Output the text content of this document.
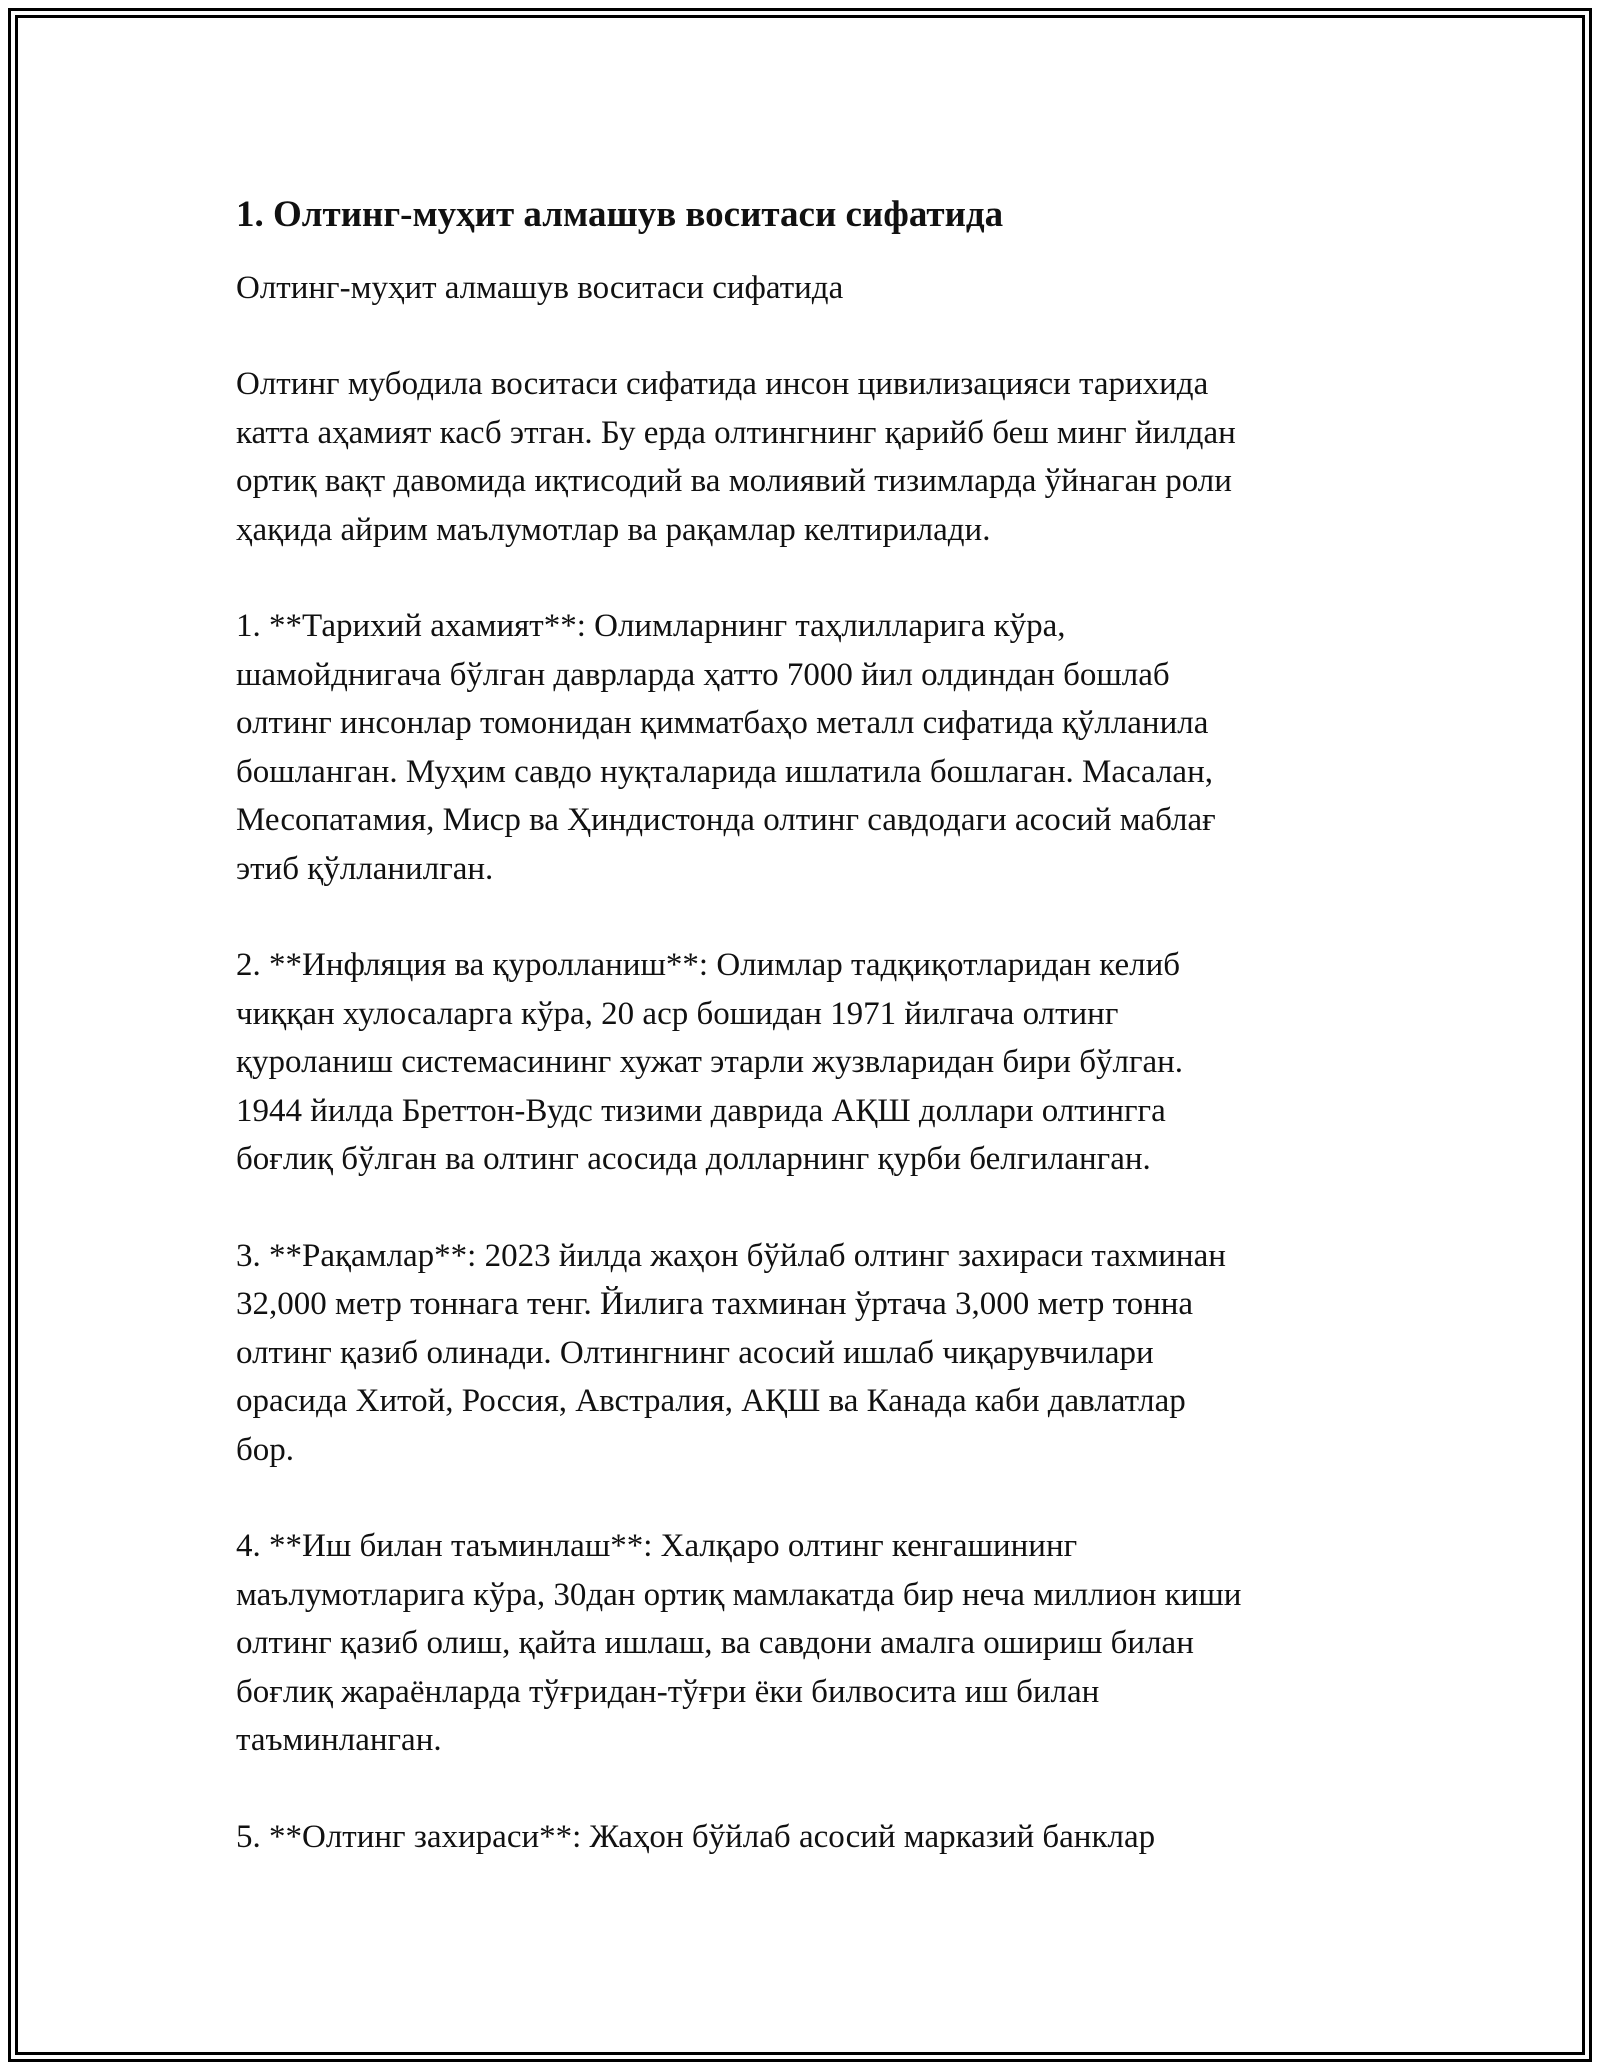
1. Олтинг-муҳит алмашув воситаси сифатида

Олтинг-муҳит алмашув воситаси сифатида

Олтинг мубодила воситаси сифатида инсон цивилизацияси тарихида
катта аҳамият касб этган. Бу ерда олтингнинг қарийб беш минг йилдан
ортиқ вақт давомида иқтисодий ва молиявий тизимларда ўйнаган роли
ҳақида айрим маълумотлар ва рақамлар келтирилади.

1. **Тарихий ахамият**: Олимларнинг таҳлилларига кўра,
шамойднигача бўлган даврларда ҳатто 7000 йил олдиндан бошлаб
олтинг инсонлар томонидан қимматбаҳо металл сифатида қўлланила
бошланган. Муҳим савдо нуқталарида ишлатила бошлаган. Масалан,
Месопатамия, Миср ва Ҳиндистонда олтинг савдодаги асосий маблағ
этиб қўлланилган.

2. **Инфляция ва қуролланиш**: Олимлар тадқиқотларидан келиб
чиққан хулосаларга кўра, 20 аср бошидан 1971 йилгача олтинг
қуроланиш системасининг хужат этарли жузвларидан бири бўлган.
1944 йилда Бреттон-Вудс тизими даврида АҚШ доллари олтингга
боғлиқ бўлган ва олтинг асосида долларнинг қурби белгиланган.

3. **Рақамлар**: 2023 йилда жаҳон бўйлаб олтинг захираси тахминан
32,000 метр тоннага тенг. Йилига тахминан ўртача 3,000 метр тонна
олтинг қазиб олинади. Олтингнинг асосий ишлаб чиқарувчилари
орасида Хитой, Россия, Австралия, АҚШ ва Канада каби давлатлар
бор.

4. **Иш билан таъминлаш**: Халқаро олтинг кенгашининг
маълумотларига кўра, 30дан ортиқ мамлакатда бир неча миллион киши
олтинг қазиб олиш, қайта ишлаш, ва савдони амалга ошириш билан
боғлиқ жараёнларда тўғридан-тўғри ёки билвосита иш билан
таъминланган.

5. **Олтинг захираси**: Жаҳон бўйлаб асосий марказий банклар
